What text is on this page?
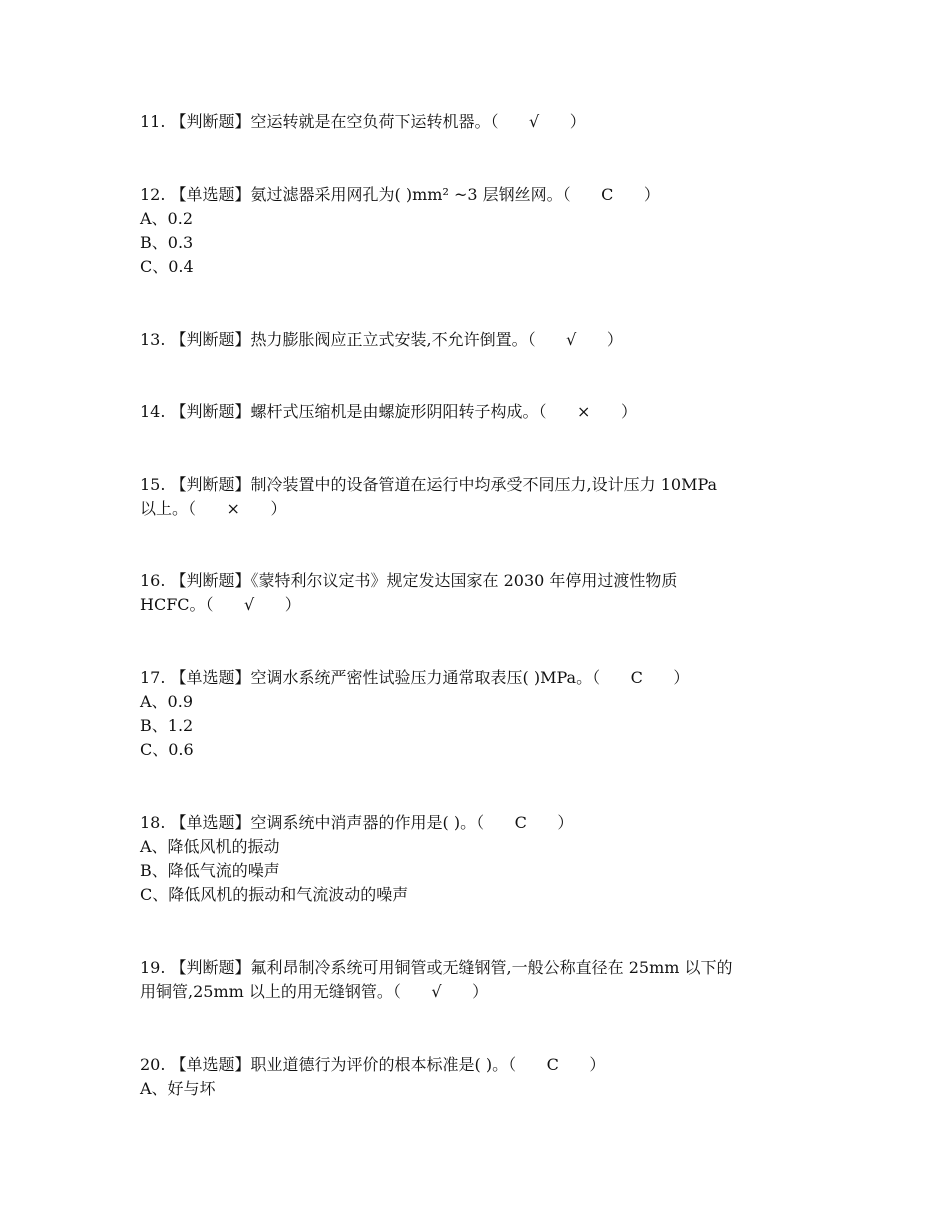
11. 【判断题】空运转就是在空负荷下运转机器。（      √      ）
12. 【单选题】氨过滤器采用网孔为( )mm² ~3 层钢丝网。（      C      ）
A、0.2
B、0.3
C、0.4
13. 【判断题】热力膨胀阀应正立式安装,不允许倒置。（      √      ）
14. 【判断题】螺杆式压缩机是由螺旋形阴阳转子构成。（      ×      ）
15. 【判断题】制冷装置中的设备管道在运行中均承受不同压力,设计压力 10MPa
以上。（      ×      ）
16. 【判断题】《蒙特利尔议定书》规定发达国家在 2030 年停用过渡性物质
HCFC。（      √      ）
17. 【单选题】空调水系统严密性试验压力通常取表压( )MPa。（      C      ）
A、0.9
B、1.2
C、0.6
18. 【单选题】空调系统中消声器的作用是( )。（      C      ）
A、降低风机的振动
B、降低气流的噪声
C、降低风机的振动和气流波动的噪声
19. 【判断题】氟利昂制冷系统可用铜管或无缝钢管,一般公称直径在 25mm 以下的
用铜管,25mm 以上的用无缝钢管。（      √      ）
20. 【单选题】职业道德行为评价的根本标准是( )。（      C      ）
A、好与坏
